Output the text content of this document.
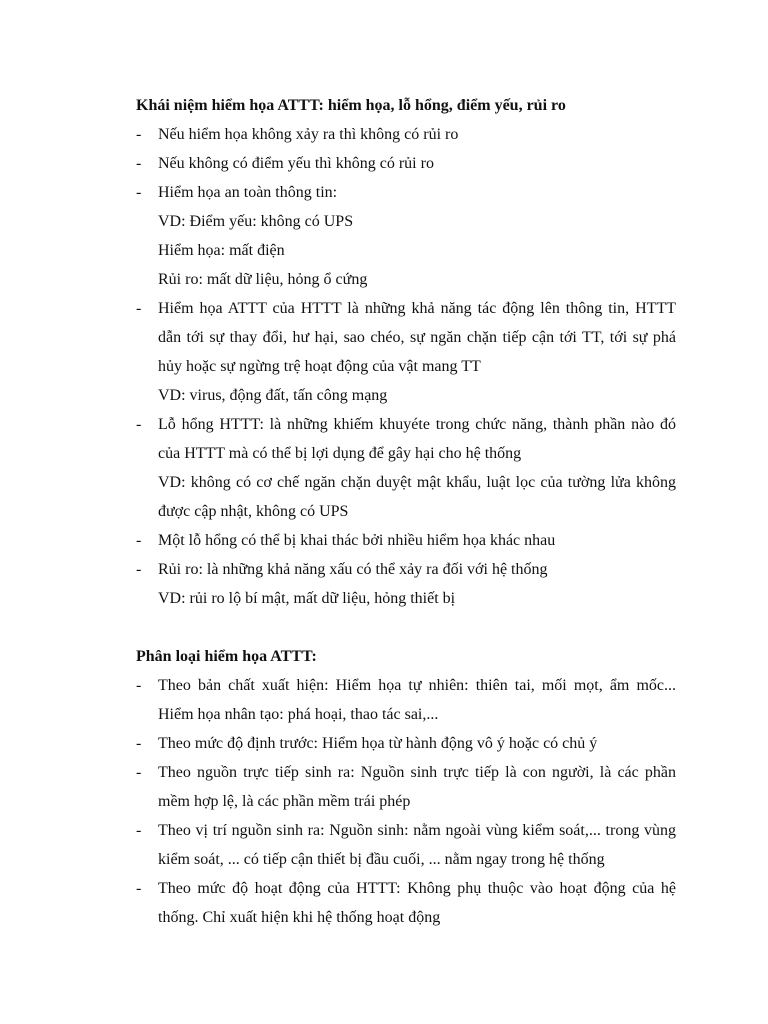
Khái niệm hiểm họa ATTT: hiểm họa, lỗ hổng, điểm yếu, rủi ro
-	Nếu hiểm họa không xảy ra thì không có rủi ro
-	Nếu không có điểm yếu thì không có rủi ro
-	Hiểm họa an toàn thông tin:
VD: Điểm yếu: không có UPS
Hiểm họa: mất điện
Rủi ro: mất dữ liệu, hỏng ổ cứng
-	Hiểm họa ATTT của HTTT là những khả năng tác động lên thông tin, HTTT
dẫn tới sự thay đổi, hư hại, sao chéo, sự ngăn chặn tiếp cận tới TT, tới sự phá
hủy hoặc sự ngừng trệ hoạt động của vật mang TT
VD: virus, động đất, tấn công mạng
-	Lỗ hổng HTTT: là những khiếm khuyéte trong chức năng, thành phần nào đó
của HTTT mà có thể bị lợi dụng để gây hại cho hệ thống
VD: không có cơ chế ngăn chặn duyệt mật khẩu, luật lọc của tường lửa không
được cập nhật, không có UPS
-	Một lỗ hổng có thể bị khai thác bởi nhiều hiểm họa khác nhau
-	Rủi ro: là những khả năng xấu có thể xảy ra đối với hệ thống
VD: rủi ro lộ bí mật, mất dữ liệu, hỏng thiết bị
Phân loại hiểm họa ATTT:
-	Theo bản chất xuất hiện: Hiểm họa tự nhiên: thiên tai, mối mọt, ẩm mốc...
Hiểm họa nhân tạo: phá hoại, thao tác sai,...
-	Theo mức độ định trước: Hiểm họa từ hành động vô ý hoặc có chủ ý
-	Theo nguồn trực tiếp sinh ra: Nguồn sinh trực tiếp là con người, là các phần
mềm hợp lệ, là các phần mềm trái phép
-	Theo vị trí nguồn sinh ra: Nguồn sinh: nằm ngoài vùng kiểm soát,... trong vùng
kiểm soát, ... có tiếp cận thiết bị đầu cuối, ... nằm ngay trong hệ thống
-	Theo mức độ hoạt động của HTTT: Không phụ thuộc vào hoạt động của hệ
thống. Chỉ xuất hiện khi hệ thống hoạt động
